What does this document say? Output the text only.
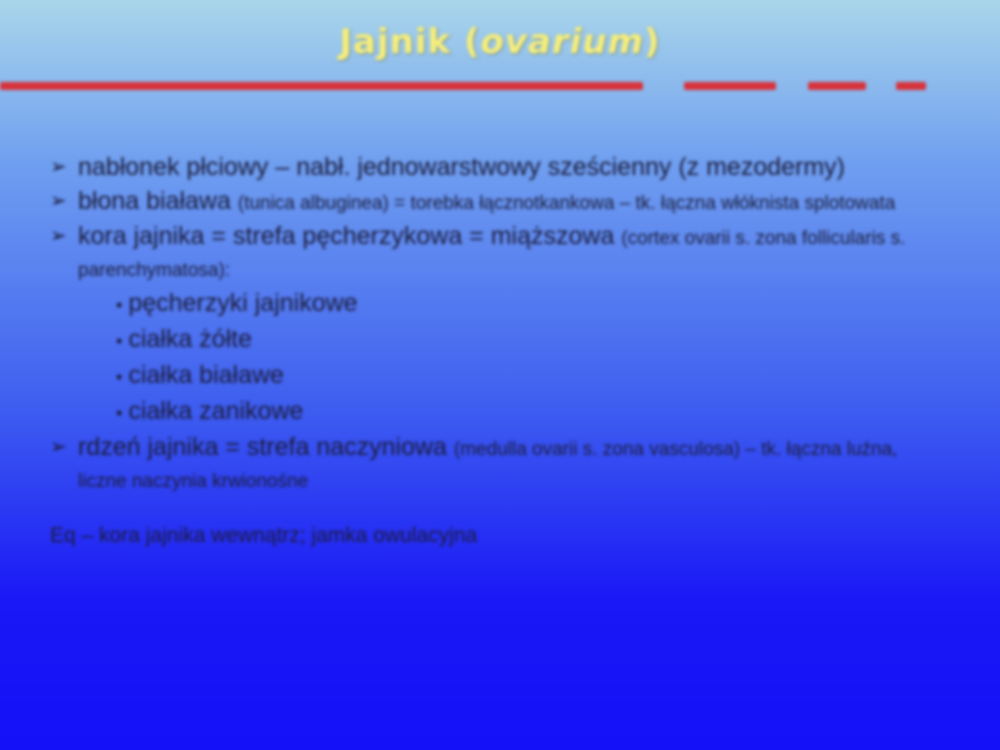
Jajnik (ovarium)
➢ nabłonek płciowy – nabł. jednowarstwowy sześcienny (z mezodermy)
➢ błona biaława (tunica albuginea) = torebka łącznotkankowa – tk. łączna włóknista splotowata
➢ kora jajnika = strefa pęcherzykowa = miąższowa (cortex ovarii s. zona follicularis s. parenchymatosa):
• pęcherzyki jajnikowe
• ciałka żółte
• ciałka białawe
• ciałka zanikowe
➢ rdzeń jajnika = strefa naczyniowa (medulla ovarii s. zona vasculosa) – tk. łączna luźna, liczne naczynia krwionośne
Eq – kora jajnika wewnątrz; jamka owulacyjna
